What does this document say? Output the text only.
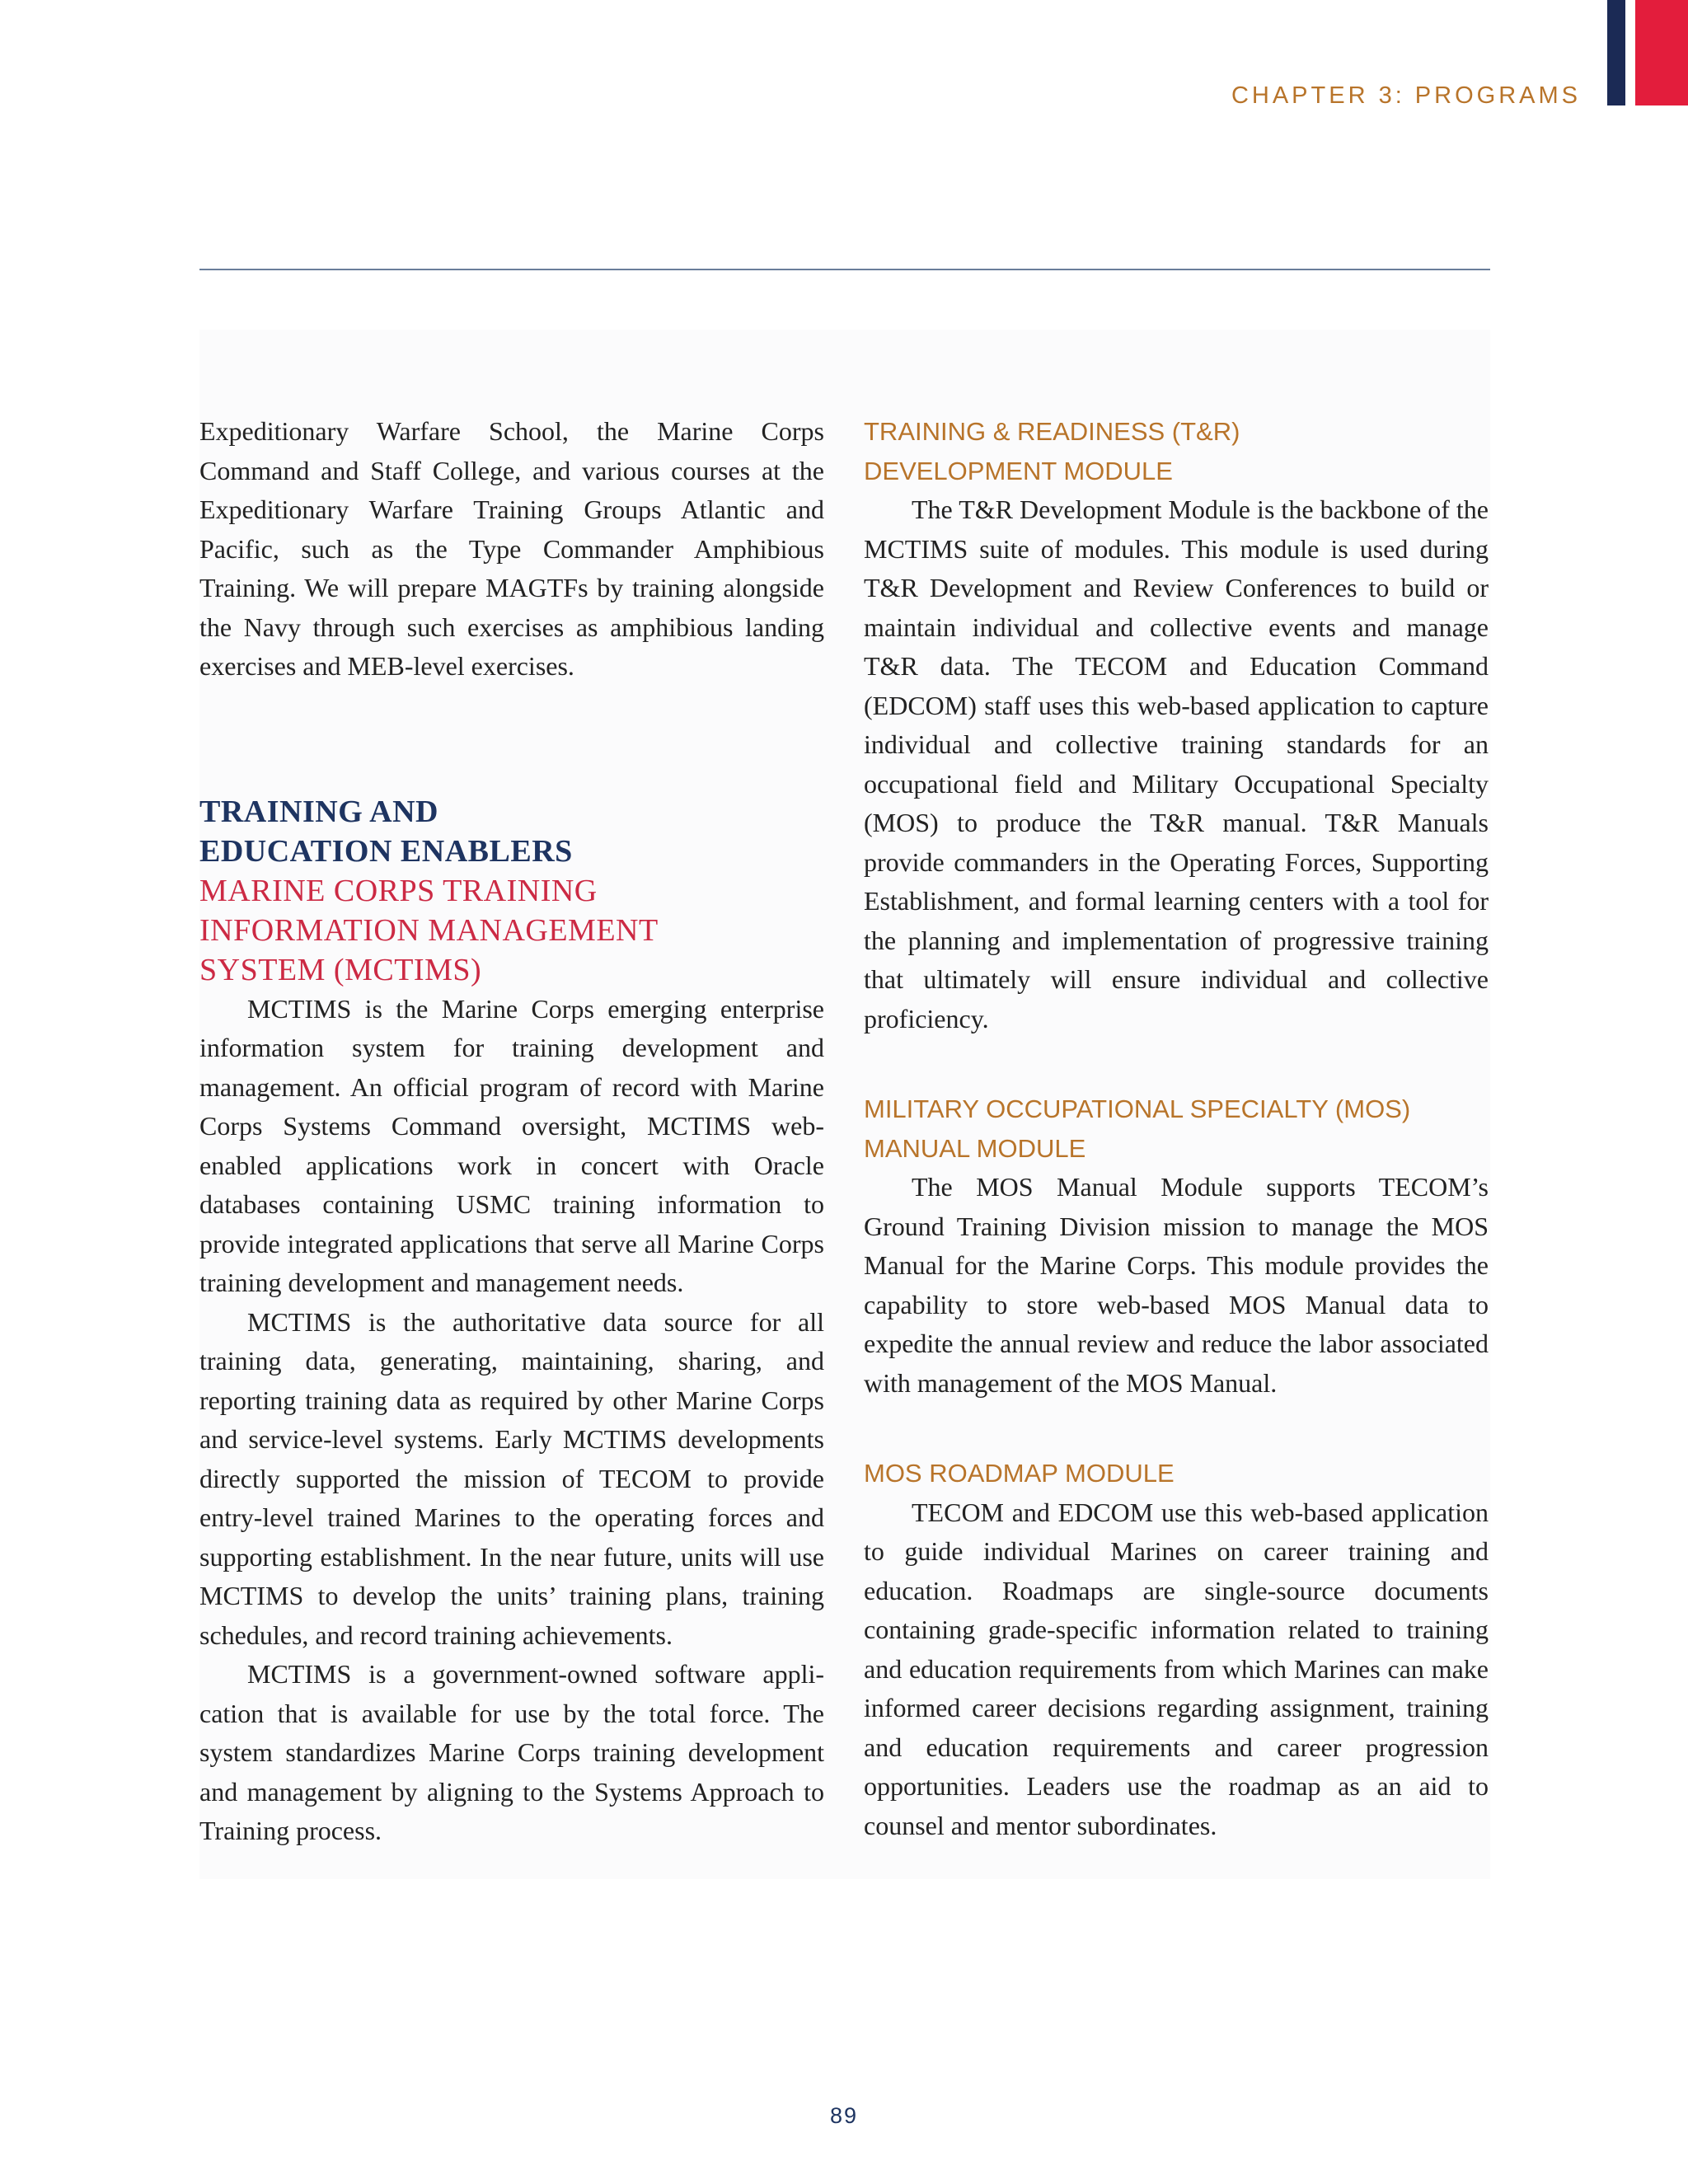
CHAPTER 3: PROGRAMS

Expeditionary Warfare School, the Marine Corps Command and Staff College, and various courses at the Expeditionary Warfare Training Groups Atlantic and Pacific, such as the Type Commander Amphibious Training. We will prepare MAGTFs by training alongside the Navy through such exercises as amphibious landing exercises and MEB-level exercises.

TRAINING AND
EDUCATION ENABLERS
MARINE CORPS TRAINING
INFORMATION MANAGEMENT
SYSTEM (MCTIMS)

MCTIMS is the Marine Corps emerging enterprise information system for training development and management. An official program of record with Marine Corps Systems Command oversight, MCTIMS web-enabled applications work in concert with Oracle databases containing USMC training information to provide integrated applications that serve all Marine Corps training development and management needs.

MCTIMS is the authoritative data source for all training data, generating, maintaining, sharing, and reporting training data as required by other Marine Corps and service-level systems. Early MCTIMS developments directly supported the mission of TECOM to provide entry-level trained Marines to the operating forces and supporting establishment. In the near future, units will use MCTIMS to develop the units’ training plans, training schedules, and record training achievements.

MCTIMS is a government-owned software application that is available for use by the total force. The system standardizes Marine Corps training development and management by aligning to the Systems Approach to Training process.

TRAINING & READINESS (T&R)
DEVELOPMENT MODULE

The T&R Development Module is the backbone of the MCTIMS suite of modules. This module is used during T&R Development and Review Conferences to build or maintain individual and collective events and manage T&R data. The TECOM and Education Command (EDCOM) staff uses this web-based application to capture individual and collective training standards for an occupational field and Military Occupational Specialty (MOS) to produce the T&R manual. T&R Manuals provide commanders in the Operating Forces, Supporting Establishment, and formal learning centers with a tool for the planning and implementation of progressive training that ultimately will ensure individual and collective proficiency.

MILITARY OCCUPATIONAL SPECIALTY (MOS)
MANUAL MODULE

The MOS Manual Module supports TECOM’s Ground Training Division mission to manage the MOS Manual for the Marine Corps. This module provides the capability to store web-based MOS Manual data to expedite the annual review and reduce the labor associated with management of the MOS Manual.

MOS ROADMAP MODULE

TECOM and EDCOM use this web-based application to guide individual Marines on career training and education. Roadmaps are single-source documents containing grade-specific information related to training and education requirements from which Marines can make informed career decisions regarding assignment, training and education requirements and career progression opportunities. Leaders use the roadmap as an aid to counsel and mentor subordinates.

89
